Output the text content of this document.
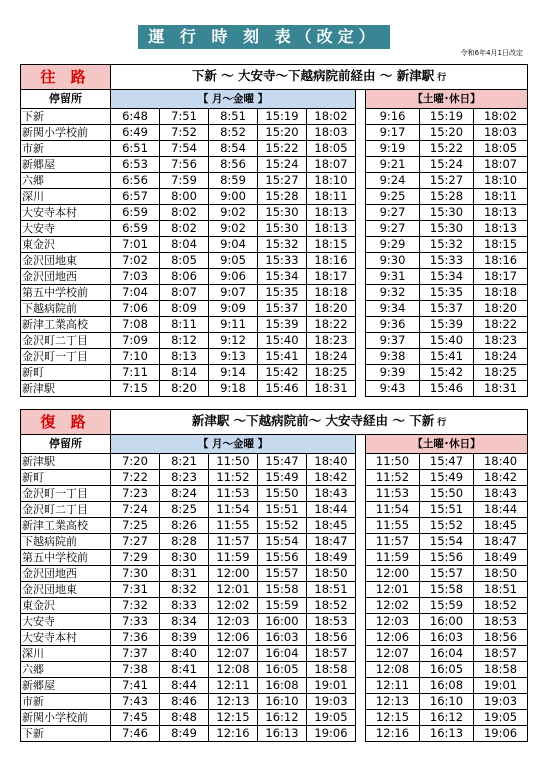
運 行 時 刻 表（改定）
令和6年4月1日改定
往 路	下新 ～ 大安寺～下越病院前経由 ～ 新津駅 行								
停留所	【 月～金曜 】						【土曜･休日】		
下新	6:48	7:51	8:51	15:19	18:02		9:16	15:19	18:02
新関小学校前	6:49	7:52	8:52	15:20	18:03		9:17	15:20	18:03
市新	6:51	7:54	8:54	15:22	18:05		9:19	15:22	18:05
新郷屋	6:53	7:56	8:56	15:24	18:07		9:21	15:24	18:07
六郷	6:56	7:59	8:59	15:27	18:10		9:24	15:27	18:10
深川	6:57	8:00	9:00	15:28	18:11		9:25	15:28	18:11
大安寺本村	6:59	8:02	9:02	15:30	18:13		9:27	15:30	18:13
大安寺	6:59	8:02	9:02	15:30	18:13		9:27	15:30	18:13
東金沢	7:01	8:04	9:04	15:32	18:15		9:29	15:32	18:15
金沢団地東	7:02	8:05	9:05	15:33	18:16		9:30	15:33	18:16
金沢団地西	7:03	8:06	9:06	15:34	18:17		9:31	15:34	18:17
第五中学校前	7:04	8:07	9:07	15:35	18:18		9:32	15:35	18:18
下越病院前	7:06	8:09	9:09	15:37	18:20		9:34	15:37	18:20
新津工業高校	7:08	8:11	9:11	15:39	18:22		9:36	15:39	18:22
金沢町二丁目	7:09	8:12	9:12	15:40	18:23		9:37	15:40	18:23
金沢町一丁目	7:10	8:13	9:13	15:41	18:24		9:38	15:41	18:24
新町	7:11	8:14	9:14	15:42	18:25		9:39	15:42	18:25
新津駅	7:15	8:20	9:18	15:46	18:31		9:43	15:46	18:31
復 路	新津駅 ～下越病院前～ 大安寺経由 ～ 下新 行								
停留所	【 月～金曜 】						【土曜･休日】		
新津駅	7:20	8:21	11:50	15:47	18:40		11:50	15:47	18:40
新町	7:22	8:23	11:52	15:49	18:42		11:52	15:49	18:42
金沢町一丁目	7:23	8:24	11:53	15:50	18:43		11:53	15:50	18:43
金沢町二丁目	7:24	8:25	11:54	15:51	18:44		11:54	15:51	18:44
新津工業高校	7:25	8:26	11:55	15:52	18:45		11:55	15:52	18:45
下越病院前	7:27	8:28	11:57	15:54	18:47		11:57	15:54	18:47
第五中学校前	7:29	8:30	11:59	15:56	18:49		11:59	15:56	18:49
金沢団地西	7:30	8:31	12:00	15:57	18:50		12:00	15:57	18:50
金沢団地東	7:31	8:32	12:01	15:58	18:51		12:01	15:58	18:51
東金沢	7:32	8:33	12:02	15:59	18:52		12:02	15:59	18:52
大安寺	7:33	8:34	12:03	16:00	18:53		12:03	16:00	18:53
大安寺本村	7:36	8:39	12:06	16:03	18:56		12:06	16:03	18:56
深川	7:37	8:40	12:07	16:04	18:57		12:07	16:04	18:57
六郷	7:38	8:41	12:08	16:05	18:58		12:08	16:05	18:58
新郷屋	7:41	8:44	12:11	16:08	19:01		12:11	16:08	19:01
市新	7:43	8:46	12:13	16:10	19:03		12:13	16:10	19:03
新関小学校前	7:45	8:48	12:15	16:12	19:05		12:15	16:12	19:05
下新	7:46	8:49	12:16	16:13	19:06		12:16	16:13	19:06
